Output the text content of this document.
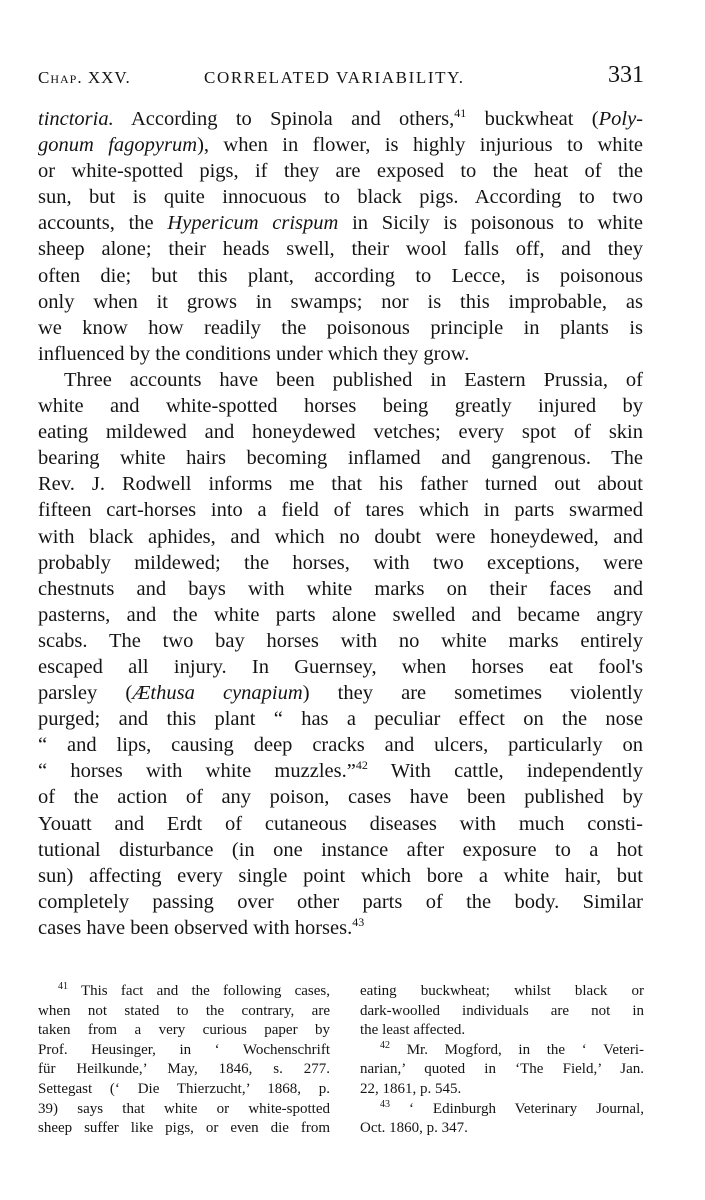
Chap. XXV.	CORRELATED VARIABILITY.	331
tinctoria. According to Spinola and others,$^{41}$ buckwheat (Poly-
gonum fagopyrum), when in flower, is highly injurious to white
or white-spotted pigs, if they are exposed to the heat of the
sun, but is quite innocuous to black pigs. According to two
accounts, the Hypericum crispum in Sicily is poisonous to white
sheep alone; their heads swell, their wool falls off, and they
often die; but this plant, according to Lecce, is poisonous
only when it grows in swamps; nor is this improbable, as
we know how readily the poisonous principle in plants is
influenced by the conditions under which they grow.
Three accounts have been published in Eastern Prussia, of
white and white-spotted horses being greatly injured by
eating mildewed and honeydewed vetches; every spot of skin
bearing white hairs becoming inflamed and gangrenous. The
Rev. J. Rodwell informs me that his father turned out about
fifteen cart-horses into a field of tares which in parts swarmed
with black aphides, and which no doubt were honeydewed, and
probably mildewed; the horses, with two exceptions, were
chestnuts and bays with white marks on their faces and
pasterns, and the white parts alone swelled and became angry
scabs. The two bay horses with no white marks entirely
escaped all injury. In Guernsey, when horses eat fool's
parsley (Æthusa cynapium) they are sometimes violently
purged; and this plant “ has a peculiar effect on the nose
“ and lips, causing deep cracks and ulcers, particularly on
“ horses with white muzzles.”$^{42}$ With cattle, independently
of the action of any poison, cases have been published by
Youatt and Erdt of cutaneous diseases with much consti-
tutional disturbance (in one instance after exposure to a hot
sun) affecting every single point which bore a white hair, but
completely passing over other parts of the body. Similar
cases have been observed with horses.$^{43}$
$^{41}$ This fact and the following cases,
when not stated to the contrary, are
taken from a very curious paper by
Prof. Heusinger, in ‘ Wochenschrift
für Heilkunde,’ May, 1846, s. 277.
Settegast (‘ Die Thierzucht,’ 1868, p.
39) says that white or white-spotted
sheep suffer like pigs, or even die from
eating buckwheat; whilst black or
dark-woolled individuals are not in
the least affected.
$^{42}$ Mr. Mogford, in the ‘ Veteri-
narian,’ quoted in ‘The Field,’ Jan.
22, 1861, p. 545.
$^{43}$ ‘ Edinburgh Veterinary Journal,
Oct. 1860, p. 347.
